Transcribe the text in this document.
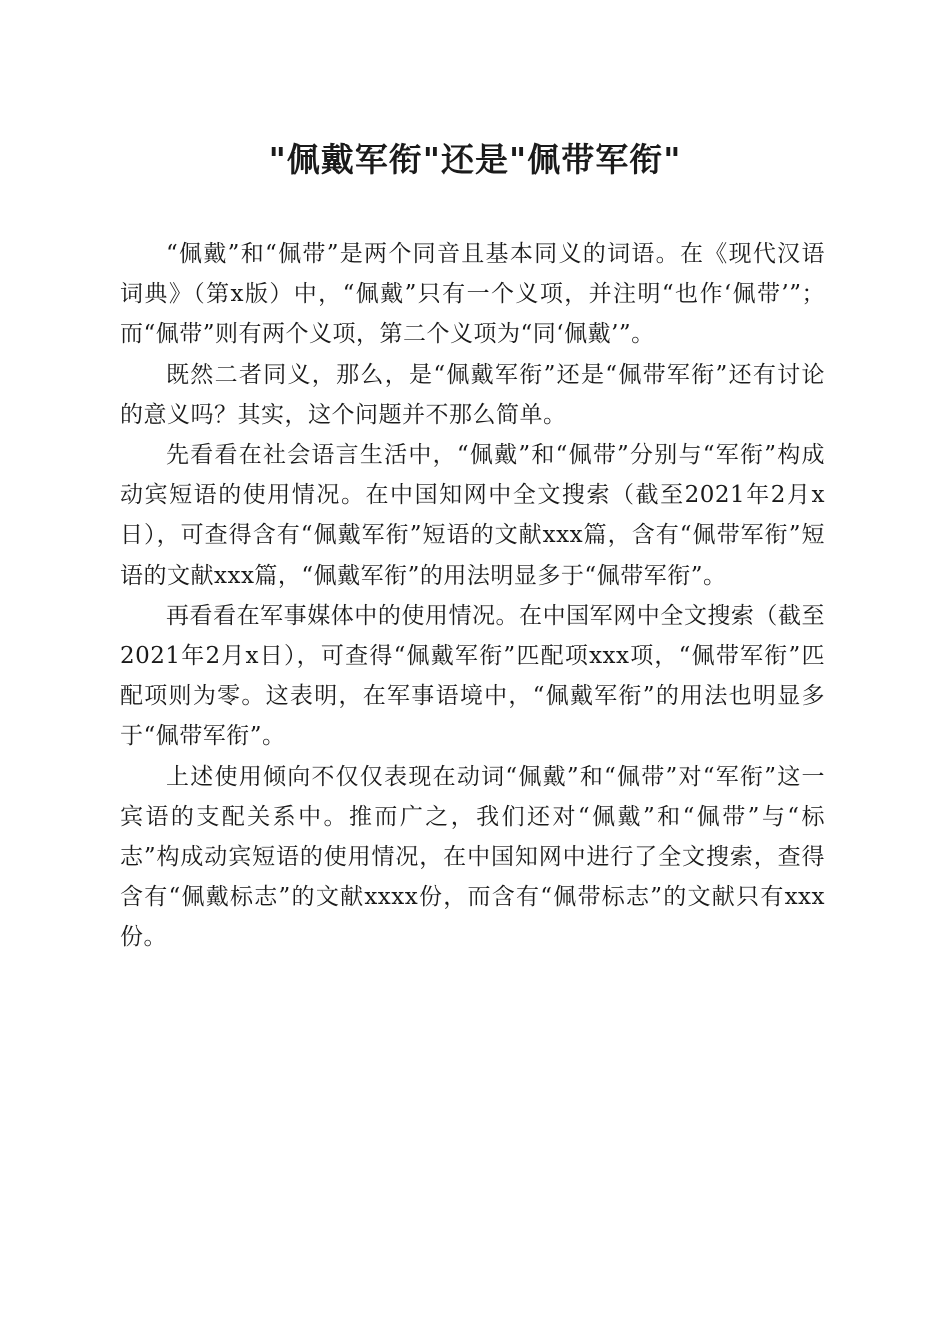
"佩戴军衔"还是"佩带军衔"

“佩戴”和“佩带”是两个同音且基本同义的词语。在《现代汉语词典》（第x版）中，“佩戴”只有一个义项，并注明“也作‘佩带’”；而“佩带”则有两个义项，第二个义项为“同‘佩戴’”。

既然二者同义，那么，是“佩戴军衔”还是“佩带军衔”还有讨论的意义吗？其实，这个问题并不那么简单。

先看看在社会语言生活中，“佩戴”和“佩带”分别与“军衔”构成动宾短语的使用情况。在中国知网中全文搜索（截至2021年2月x日），可查得含有“佩戴军衔”短语的文献xxx篇，含有“佩带军衔”短语的文献xxx篇，“佩戴军衔”的用法明显多于“佩带军衔”。

再看看在军事媒体中的使用情况。在中国军网中全文搜索（截至2021年2月x日），可查得“佩戴军衔”匹配项xxx项，“佩带军衔”匹配项则为零。这表明，在军事语境中，“佩戴军衔”的用法也明显多于“佩带军衔”。

上述使用倾向不仅仅表现在动词“佩戴”和“佩带”对“军衔”这一宾语的支配关系中。推而广之，我们还对“佩戴”和“佩带”与“标志”构成动宾短语的使用情况，在中国知网中进行了全文搜索，查得含有“佩戴标志”的文献xxxx份，而含有“佩带标志”的文献只有xxx份。
